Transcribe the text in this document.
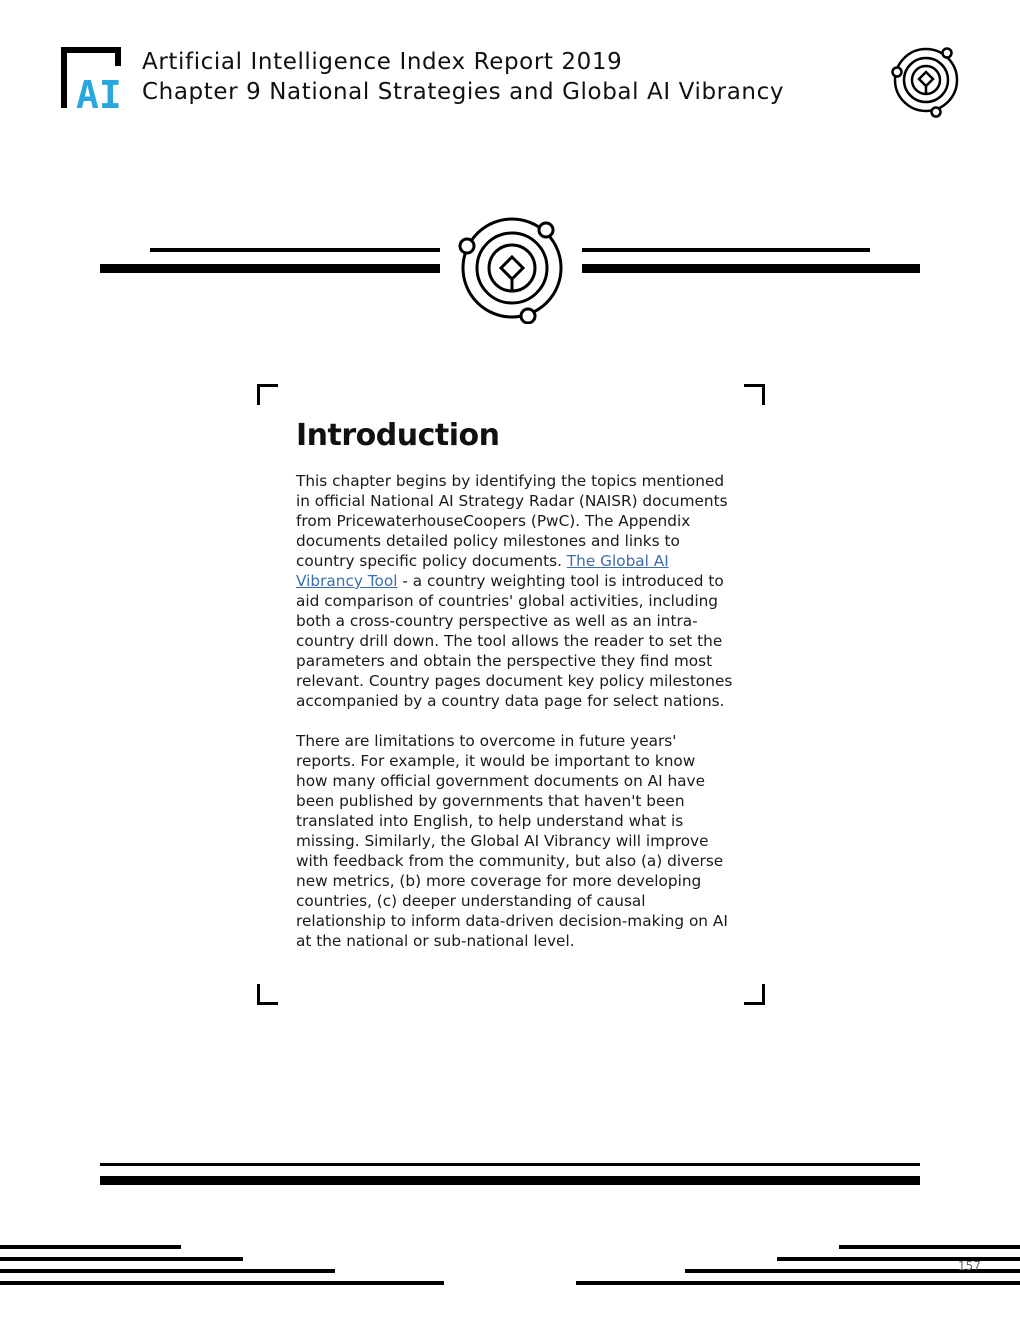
AI
Artificial Intelligence Index Report 2019
Chapter 9 National Strategies and Global AI Vibrancy
Introduction
This chapter begins by identifying the topics mentioned
in official National AI Strategy Radar (NAISR) documents
from PricewaterhouseCoopers (PwC). The Appendix
documents detailed policy milestones and links to
country specific policy documents. The Global AI
Vibrancy Tool - a country weighting tool is introduced to
aid comparison of countries' global activities, including
both a cross-country perspective as well as an intra-
country drill down. The tool allows the reader to set the
parameters and obtain the perspective they find most
relevant. Country pages document key policy milestones
accompanied by a country data page for select nations.
There are limitations to overcome in future years'
reports. For example, it would be important to know
how many official government documents on AI have
been published by governments that haven't been
translated into English, to help understand what is
missing. Similarly, the Global AI Vibrancy will improve
with feedback from the community, but also (a) diverse
new metrics, (b) more coverage for more developing
countries, (c) deeper understanding of causal
relationship to inform data-driven decision-making on AI
at the national or sub-national level.
157
